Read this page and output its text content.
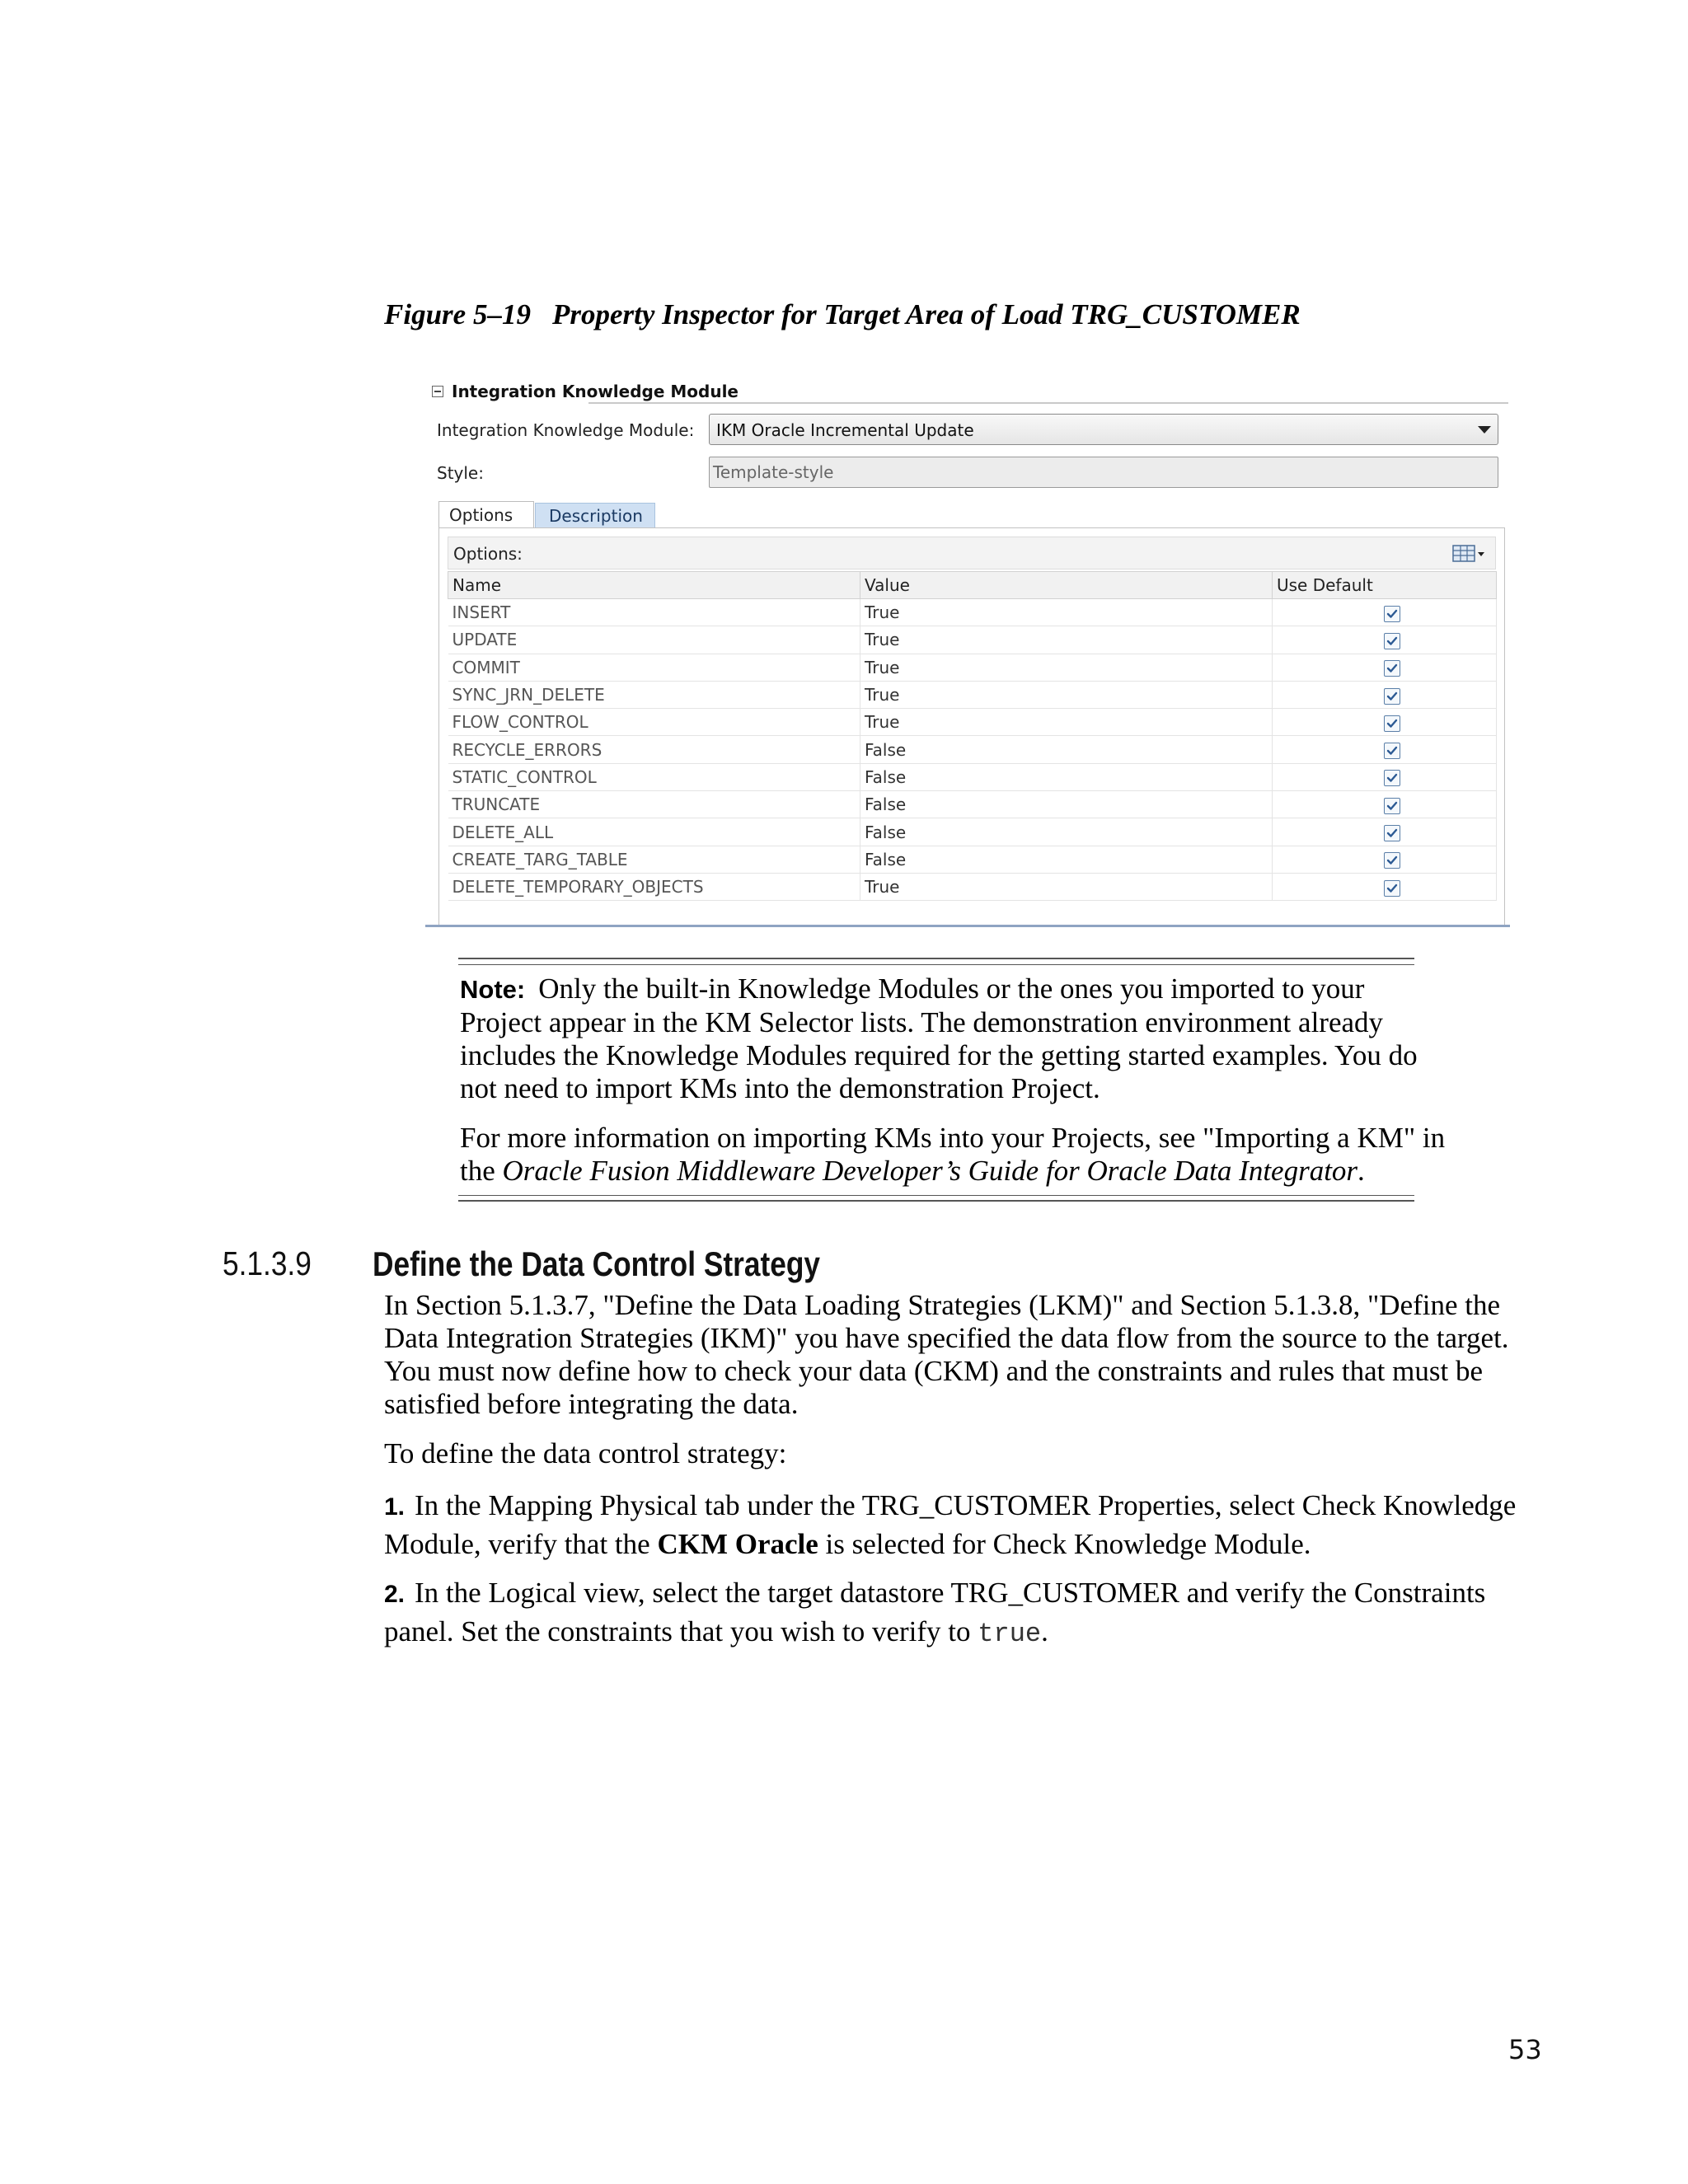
Figure 5–19 Property Inspector for Target Area of Load TRG_CUSTOMER
Integration Knowledge Module
Integration Knowledge Module: IKM Oracle Incremental Update
Style:	Template-style
Options	Description
Options:
Name	Value	Use Default
INSERT	True	

UPDATE	True	

COMMIT	True	

SYNC_JRN_DELETE	True	

FLOW_CONTROL	True	

RECYCLE_ERRORS	False	

STATIC_CONTROL	False	

TRUNCATE	False	

DELETE_ALL	False	

CREATE_TARG_TABLE	False	

DELETE_TEMPORARY_OBJECTS	True	

Note: Only the built-in Knowledge Modules or the ones you imported to your Project appear in the KM Selector lists. The demonstration environment already includes the Knowledge Modules required for the getting started examples. You do not need to import KMs into the demonstration Project.

For more information on importing KMs into your Projects, see "Importing a KM" in the Oracle Fusion Middleware Developer’s Guide for Oracle Data Integrator.

5.1.3.9 Define the Data Control Strategy

In Section 5.1.3.7, "Define the Data Loading Strategies (LKM)" and Section 5.1.3.8, "Define the Data Integration Strategies (IKM)" you have specified the data flow from the source to the target. You must now define how to check your data (CKM) and the constraints and rules that must be satisfied before integrating the data.

To define the data control strategy:

1. In the Mapping Physical tab under the TRG_CUSTOMER Properties, select Check Knowledge Module, verify that the CKM Oracle is selected for Check Knowledge Module.

2. In the Logical view, select the target datastore TRG_CUSTOMER and verify the Constraints panel. Set the constraints that you wish to verify to true.

53
